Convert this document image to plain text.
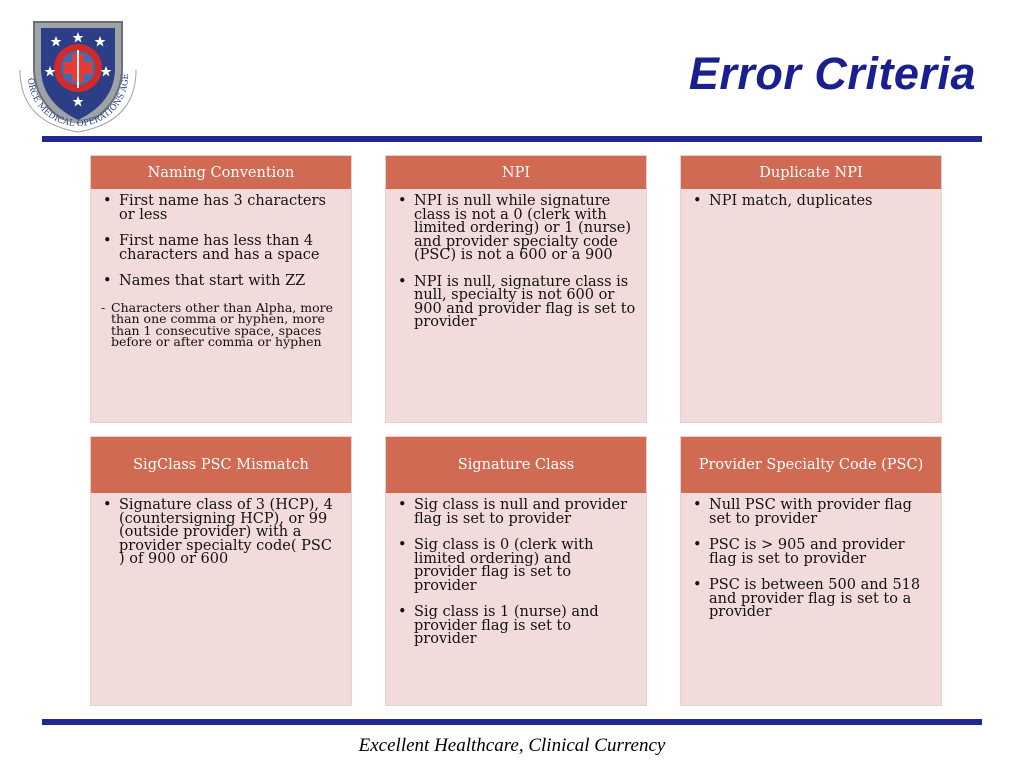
ORCE MEDICAL OPERATIONS AGE	Error Criteria
Naming Convention
• First name has 3 characters or less
• First name has less than 4 characters and has a space
• Names that start with ZZ
- Characters other than Alpha, more than one comma or hyphen, more than 1 consecutive space, spaces before or after comma or hyphen
NPI
• NPI is null while signature class is not a 0 (clerk with limited ordering) or 1 (nurse) and provider specialty code (PSC) is not a 600 or a 900
• NPI is null, signature class is null, specialty is not 600 or 900 and provider flag is set to provider
Duplicate NPI
• NPI match, duplicates
SigClass PSC Mismatch
• Signature class of 3 (HCP), 4 (countersigning HCP), or 99 (outside provider) with a provider specialty code( PSC ) of 900 or 600
Signature Class
• Sig class is null and provider flag is set to provider
• Sig class is 0 (clerk with limited ordering) and provider flag is set to provider
• Sig class is 1 (nurse) and provider flag is set to provider
Provider Specialty Code (PSC)
• Null PSC with provider flag set to provider
• PSC is > 905 and provider flag is set to provider
• PSC is between 500 and 518 and provider flag is set to a provider
Excellent Healthcare, Clinical Currency
